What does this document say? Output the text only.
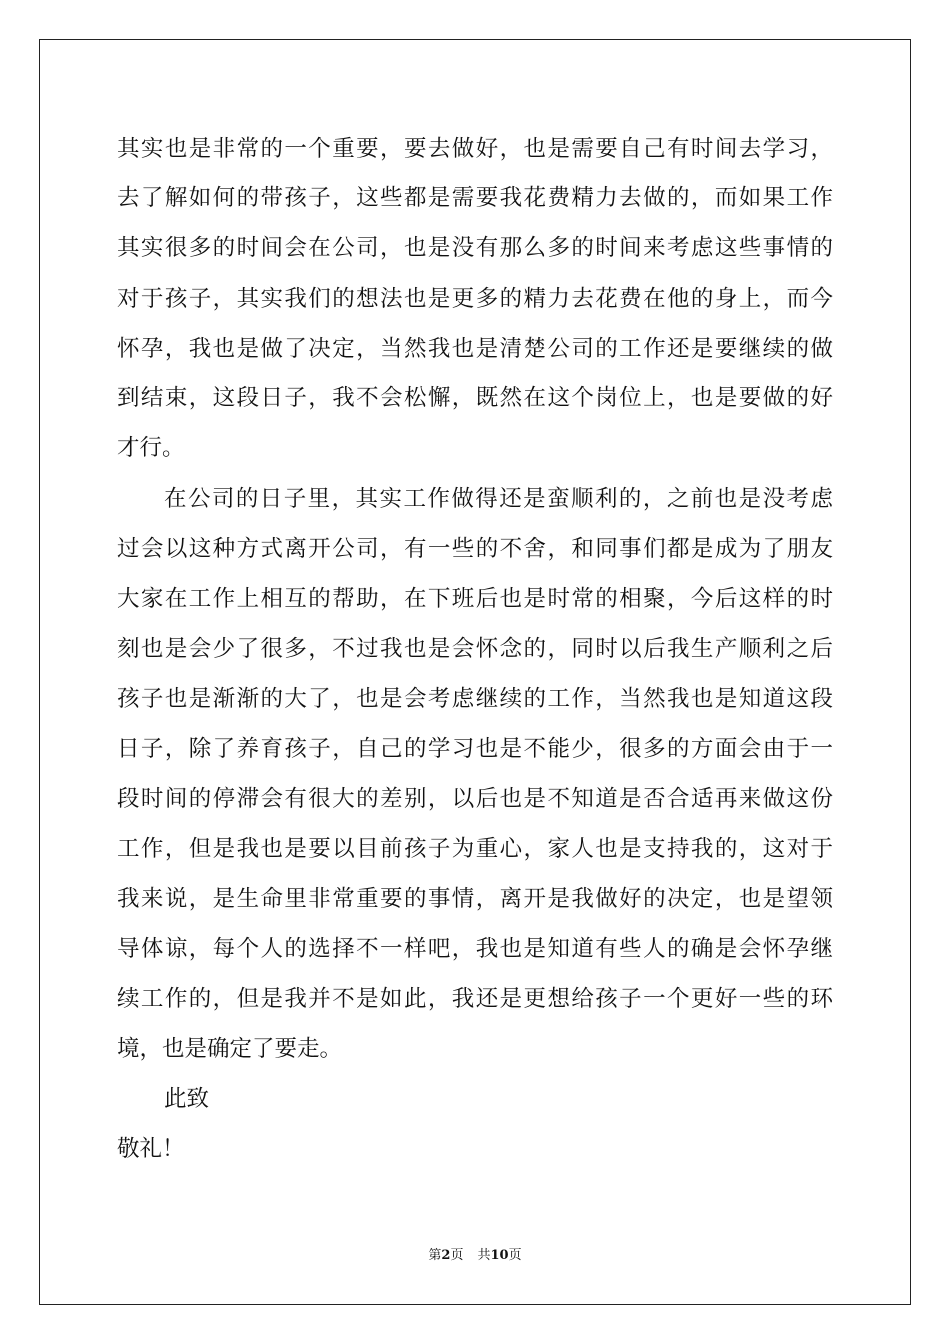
其实也是非常的一个重要，要去做好，也是需要自己有时间去学习，
去了解如何的带孩子，这些都是需要我花费精力去做的，而如果工作
其实很多的时间会在公司，也是没有那么多的时间来考虑这些事情的
对于孩子，其实我们的想法也是更多的精力去花费在他的身上，而今
怀孕，我也是做了决定，当然我也是清楚公司的工作还是要继续的做
到结束，这段日子，我不会松懈，既然在这个岗位上，也是要做的好
才行。
在公司的日子里，其实工作做得还是蛮顺利的，之前也是没考虑
过会以这种方式离开公司，有一些的不舍，和同事们都是成为了朋友
大家在工作上相互的帮助，在下班后也是时常的相聚，今后这样的时
刻也是会少了很多，不过我也是会怀念的，同时以后我生产顺利之后
孩子也是渐渐的大了，也是会考虑继续的工作，当然我也是知道这段
日子，除了养育孩子，自己的学习也是不能少，很多的方面会由于一
段时间的停滞会有很大的差别，以后也是不知道是否合适再来做这份
工作，但是我也是要以目前孩子为重心，家人也是支持我的，这对于
我来说，是生命里非常重要的事情，离开是我做好的决定，也是望领
导体谅，每个人的选择不一样吧，我也是知道有些人的确是会怀孕继
续工作的，但是我并不是如此，我还是更想给孩子一个更好一些的环
境，也是确定了要走。
此致
敬礼！
第2页 共10页
